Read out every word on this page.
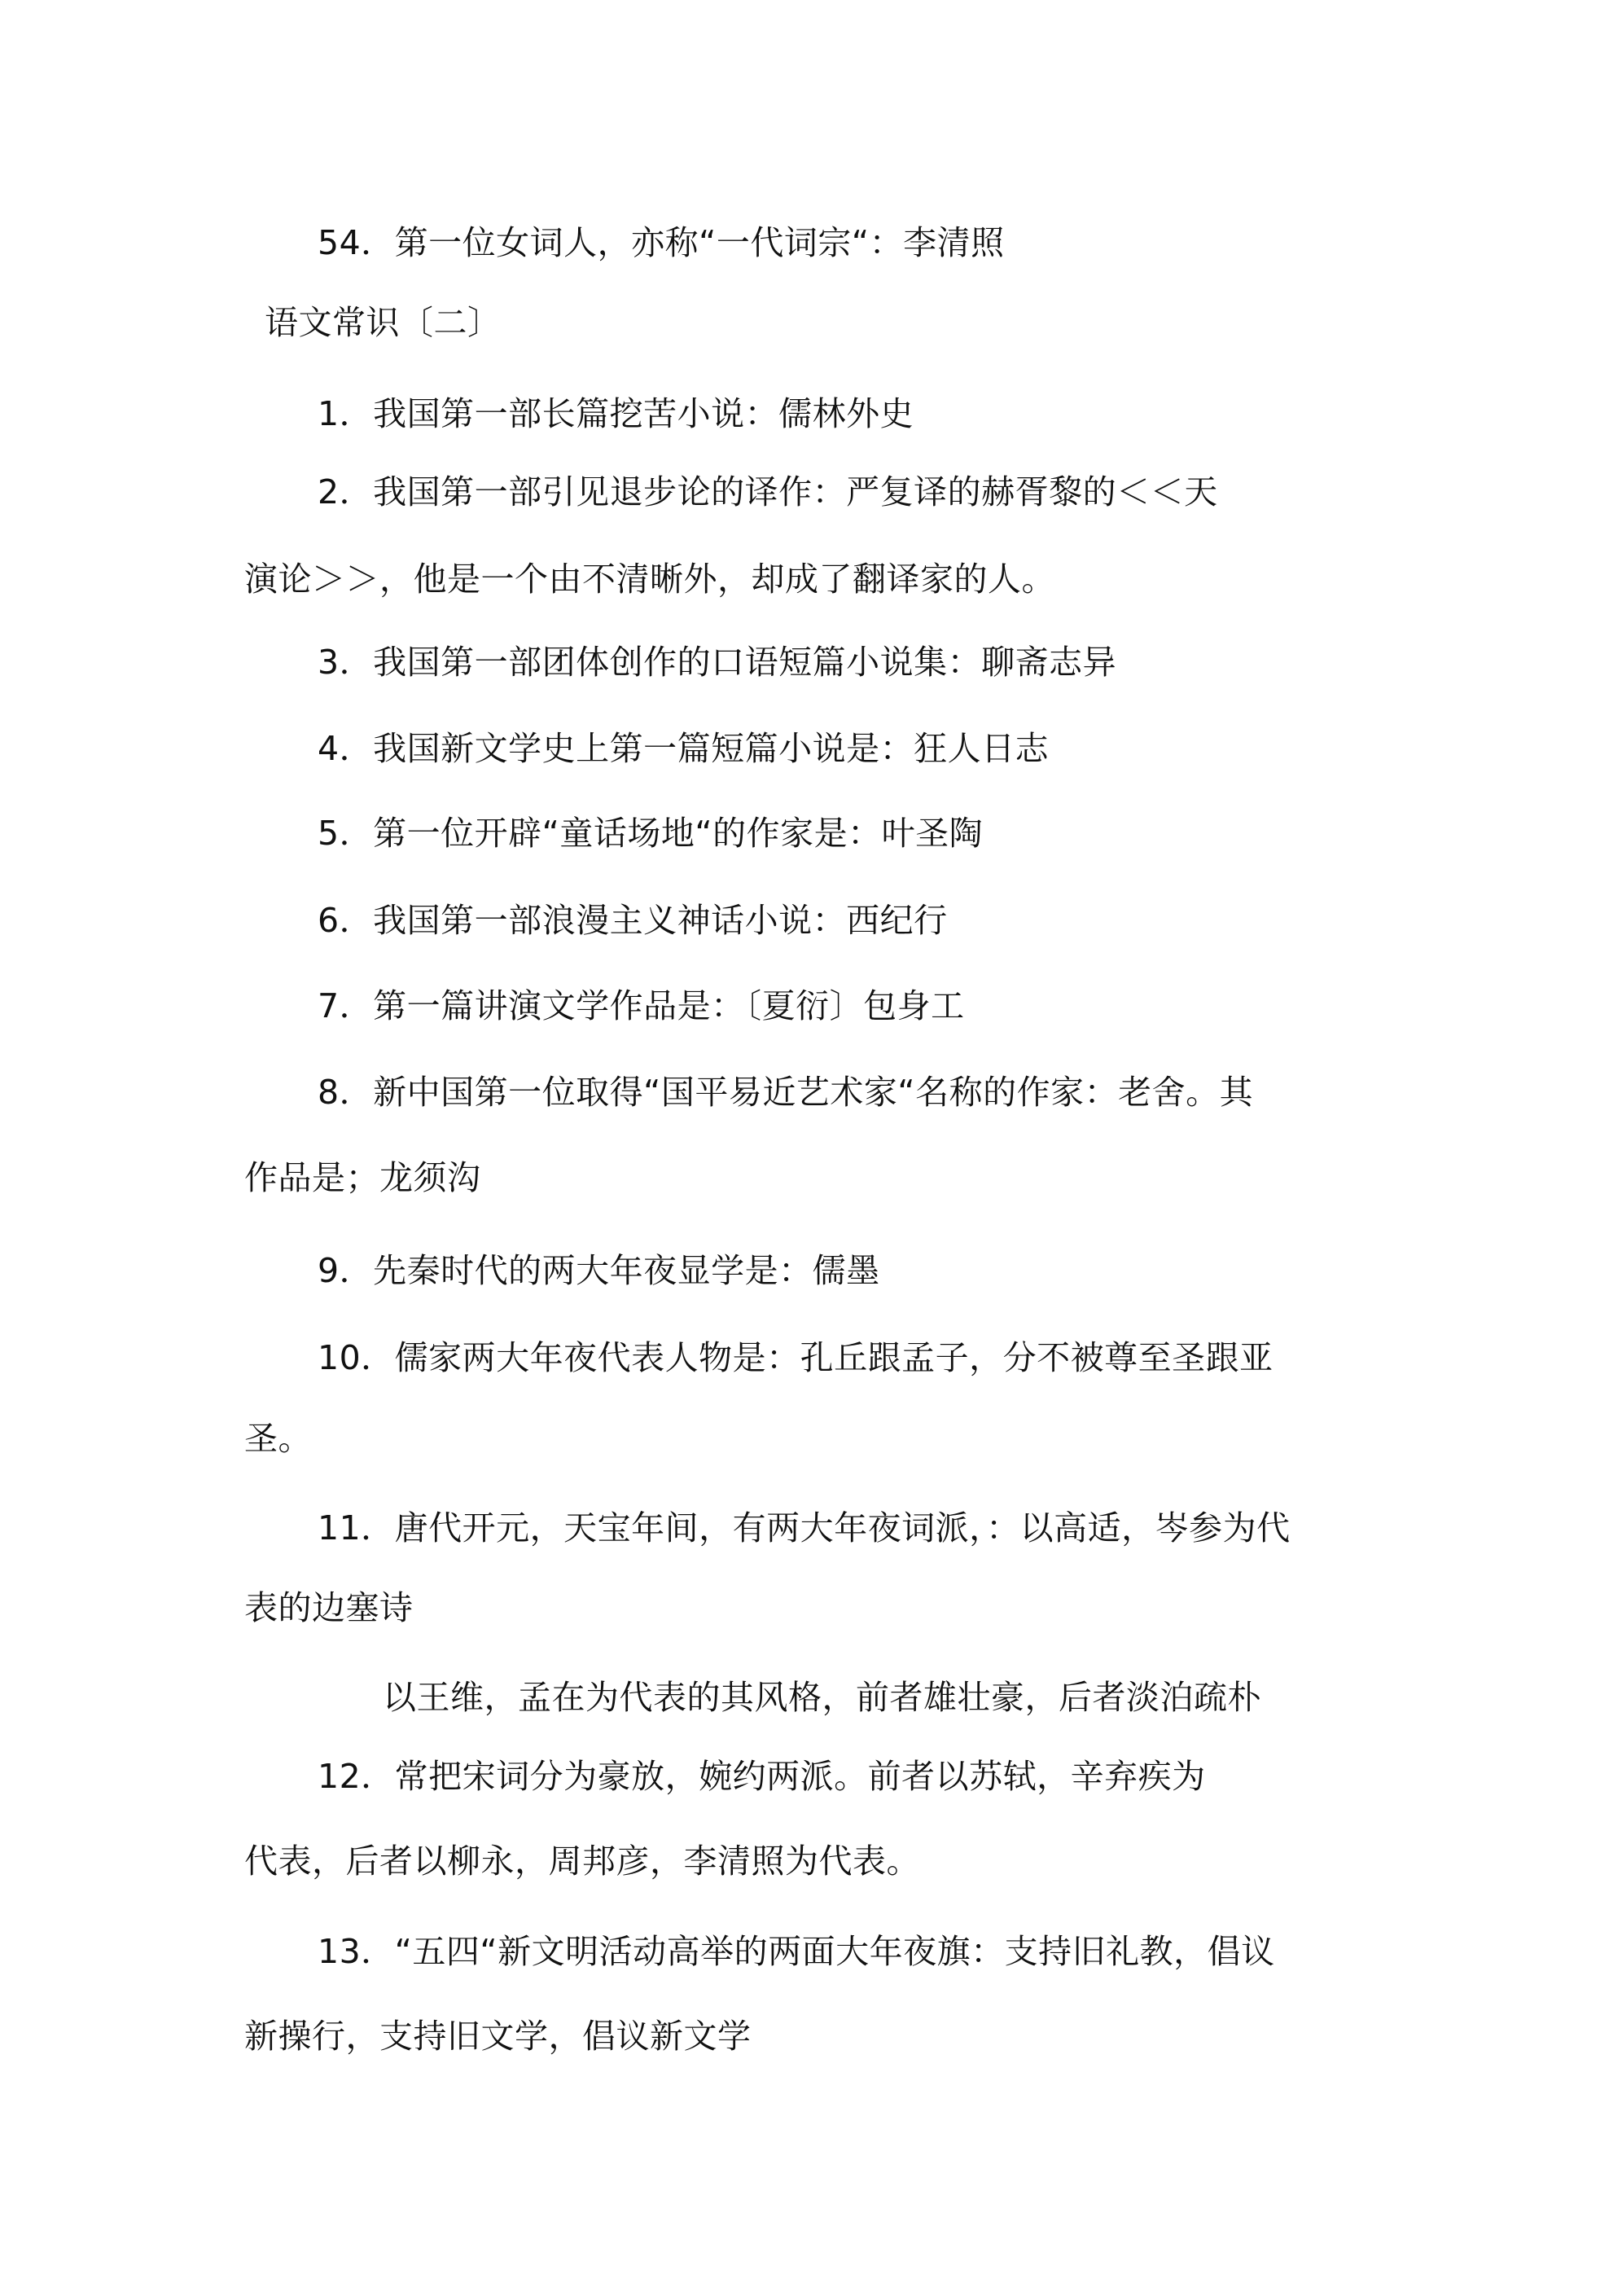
54．第一位女词人，亦称“一代词宗“：李清照
语文常识〔二〕
1．我国第一部长篇挖苦小说：儒林外史
2．我国第一部引见退步论的译作：严复译的赫胥黎的＜＜天
演论＞＞，他是一个由不清晰外，却成了翻译家的人。
3．我国第一部团体创作的口语短篇小说集：聊斋志异
4．我国新文学史上第一篇短篇小说是：狂人日志
5．第一位开辟“童话场地“的作家是：叶圣陶
6．我国第一部浪漫主义神话小说：西纪行
7．第一篇讲演文学作品是：〔夏衍〕包身工
8．新中国第一位取得“国平易近艺术家“名称的作家：老舍。其
作品是；龙须沟
9．先秦时代的两大年夜显学是：儒墨
10．儒家两大年夜代表人物是：孔丘跟孟子，分不被尊至圣跟亚
圣。
11．唐代开元，天宝年间，有两大年夜词派，：以高适，岑参为代
表的边塞诗
以王维，孟在为代表的其风格，前者雄壮豪，后者淡泊疏朴
12．常把宋词分为豪放，婉约两派。前者以苏轼，辛弃疾为
代表，后者以柳永，周邦彦，李清照为代表。
13．“五四“新文明活动高举的两面大年夜旗：支持旧礼教，倡议
新操行，支持旧文学，倡议新文学
